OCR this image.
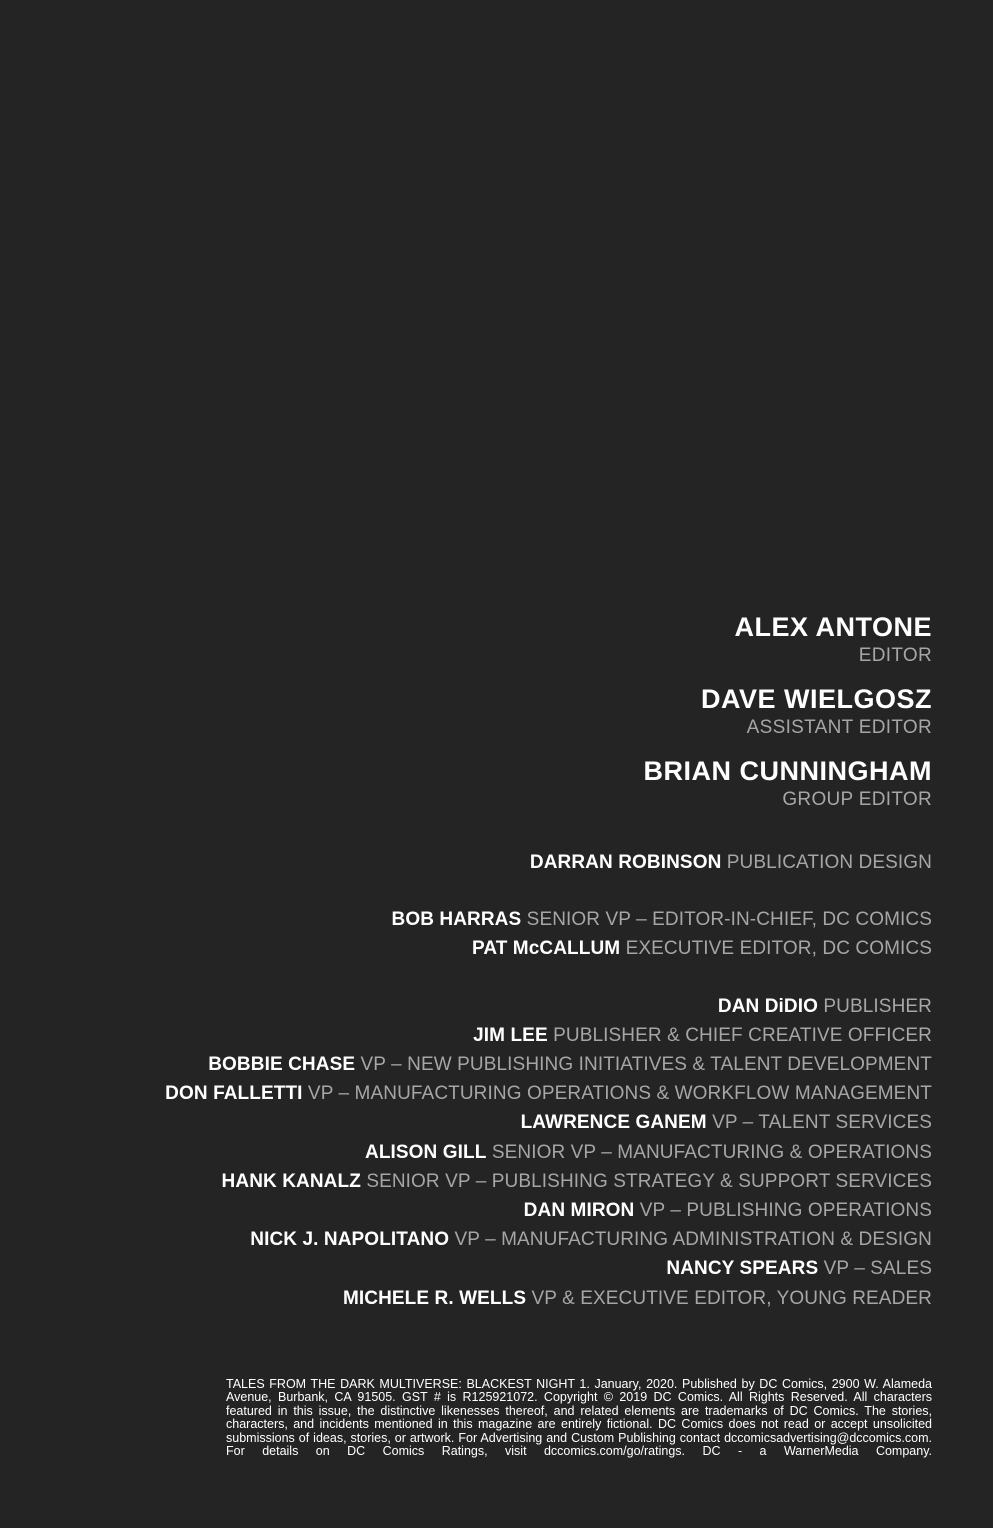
ALEX ANTONE
EDITOR
DAVE WIELGOSZ
ASSISTANT EDITOR
BRIAN CUNNINGHAM
GROUP EDITOR
DARRAN ROBINSON PUBLICATION DESIGN
BOB HARRAS SENIOR VP – EDITOR-IN-CHIEF, DC COMICS
PAT McCALLUM EXECUTIVE EDITOR, DC COMICS
DAN DiDIO PUBLISHER
JIM LEE PUBLISHER & CHIEF CREATIVE OFFICER
BOBBIE CHASE VP – NEW PUBLISHING INITIATIVES & TALENT DEVELOPMENT
DON FALLETTI VP – MANUFACTURING OPERATIONS & WORKFLOW MANAGEMENT
LAWRENCE GANEM VP – TALENT SERVICES
ALISON GILL SENIOR VP – MANUFACTURING & OPERATIONS
HANK KANALZ SENIOR VP – PUBLISHING STRATEGY & SUPPORT SERVICES
DAN MIRON VP – PUBLISHING OPERATIONS
NICK J. NAPOLITANO VP – MANUFACTURING ADMINISTRATION & DESIGN
NANCY SPEARS VP – SALES
MICHELE R. WELLS VP & EXECUTIVE EDITOR, YOUNG READER
TALES FROM THE DARK MULTIVERSE: BLACKEST NIGHT 1. January, 2020. Published by DC Comics, 2900 W. Alameda Avenue, Burbank, CA 91505. GST # is R125921072. Copyright © 2019 DC Comics. All Rights Reserved. All characters featured in this issue, the distinctive likenesses thereof, and related elements are trademarks of DC Comics. The stories, characters, and incidents mentioned in this magazine are entirely fictional. DC Comics does not read or accept unsolicited submissions of ideas, stories, or artwork. For Advertising and Custom Publishing contact dccomicsadvertising@dccomics.com. For details on DC Comics Ratings, visit dccomics.com/go/ratings. DC - a WarnerMedia Company.
